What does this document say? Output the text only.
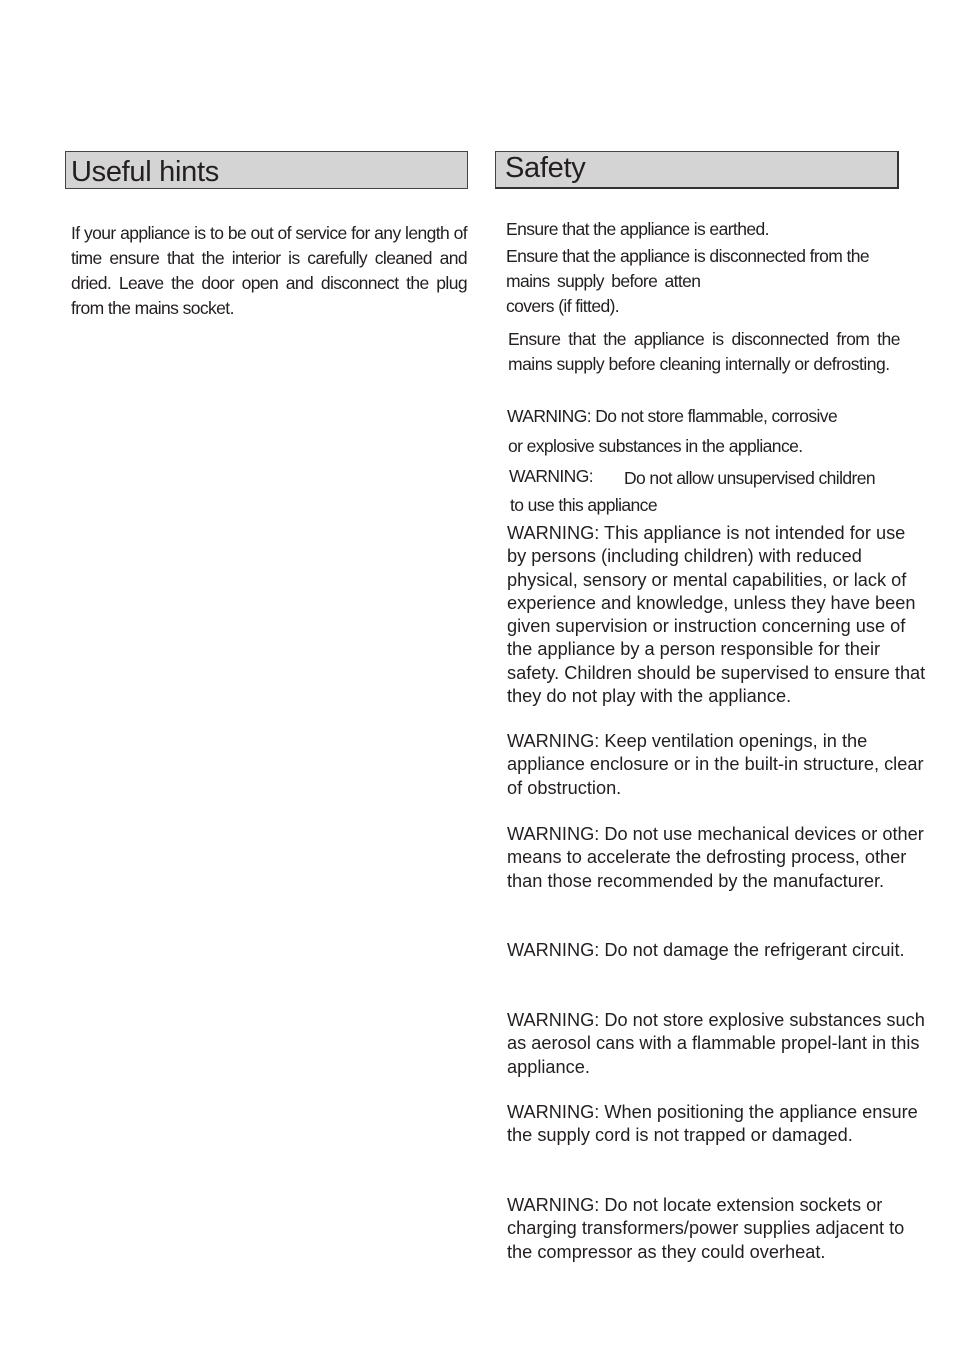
Useful hints

If your appliance is to be out of service for any length of time ensure that the interior is carefully cleaned and dried. Leave the door open and disconnect the plug from the mains socket.

Safety

Ensure that the appliance is earthed.

Ensure that the appliance is disconnected from the

mains supply before atten

covers (if fitted).

Ensure that the appliance is disconnected from the mains supply before cleaning internally or defrosting.

WARNING: Do not store flammable, corrosive

or explosive substances in the appliance.

WARNING: Do not allow unsupervised children

to use this appliance

WARNING: This appliance is not intended for use by persons (including children) with reduced physical, sensory or mental capabilities, or lack of experience and knowledge, unless they have been given supervision or instruction concerning use of the appliance by a person responsible for their safety. Children should be supervised to ensure that they do not play with the appliance.

WARNING: Keep ventilation openings, in the appliance enclosure or in the built-in structure, clear of obstruction.

WARNING: Do not use mechanical devices or other means to accelerate the defrosting process, other than those recommended by the manufacturer.

WARNING: Do not damage the refrigerant circuit.

WARNING: Do not store explosive substances such as aerosol cans with a flammable propel-lant in this appliance.

WARNING: When positioning the appliance ensure the supply cord is not trapped or damaged.

WARNING: Do not locate extension sockets or charging transformers/power supplies adjacent to the compressor as they could overheat.
